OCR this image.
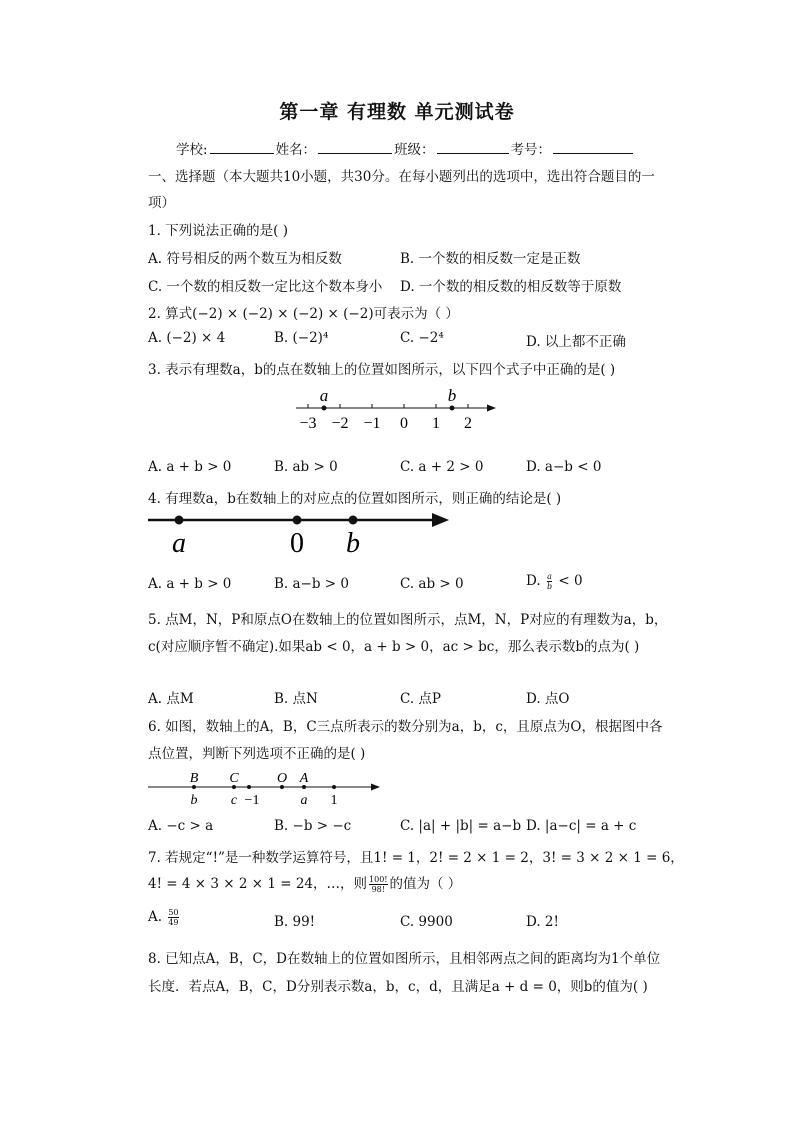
第一章 有理数 单元测试卷
学校:	姓名：	班级：	考号：
一、选择题（本大题共10小题，共30分。在每小题列出的选项中，选出符合题目的一
项）
1. 下列说法正确的是( )
A. 符号相反的两个数互为相反数	B. 一个数的相反数一定是正数
C. 一个数的相反数一定比这个数本身小 D. 一个数的相反数的相反数等于原数
2. 算式(−2) × (−2) × (−2) × (−2)可表示为（ ）
A. (−2) × 4	B. (−2)⁴	C. −2⁴	D. 以上都不正确
3. 表示有理数a，b的点在数轴上的位置如图所示，以下四个式子中正确的是( )
a	b
−3 −2 −1 0 1 2
A. a + b > 0	B. ab > 0	C. a + 2 > 0	D. a−b < 0
4. 有理数a，b在数轴上的对应点的位置如图所示，则正确的结论是( )
a	0 b
A. a + b > 0	B. a−b > 0	C. ab > 0	D. $\frac{a}{b} < 0$
5. 点M，N，P和原点O在数轴上的位置如图所示，点M，N，P对应的有理数为a，b，
c(对应顺序暂不确定).如果ab < 0，a + b > 0，ac > bc，那么表示数b的点为( )
A. 点M	B. 点N	C. 点P	D. 点O
6. 如图，数轴上的A，B，C三点所表示的数分别为a，b，c，且原点为O，根据图中各
点位置，判断下列选项不正确的是( )
B C	O A
b c −1	a 1
A. −c > a	B. −b > −c	C. |a| + |b| = a−b D. |a−c| = a + c
7. 若规定“!”是一种数学运算符号，且1! = 1，2! = 2 × 1 = 2，3! = 3 × 2 × 1 = 6，
4! = 4 × 3 × 2 × 1 = 24，…，则 $\frac{100!}{98!}$ 的值为（ ）
A. $\frac{50}{49}$	B. 99!	C. 9900	D. 2!
8. 已知点A，B，C，D在数轴上的位置如图所示，且相邻两点之间的距离均为1个单位
长度．若点A，B，C，D分别表示数a，b，c，d，且满足a + d = 0，则b的值为( )
